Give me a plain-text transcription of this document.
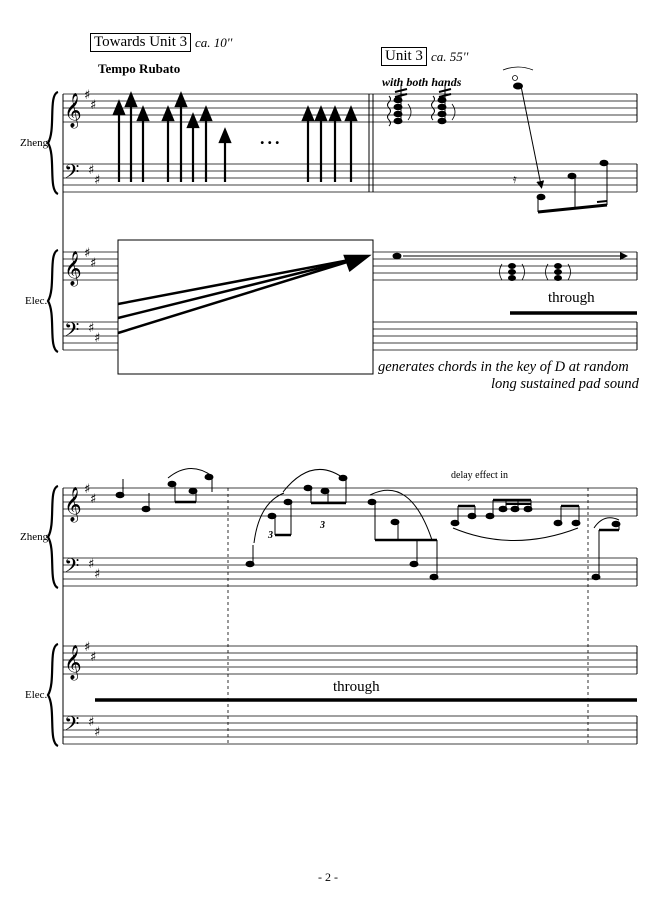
Towards Unit 3 ca. 10''
Unit 3 ca. 55''
Tempo Rubato
with both hands
Zheng
Elec.
...
through
generates chords in the key of D at random
long sustained pad sound
Zheng
Elec.
delay effect in
through
3
3
- 2 -
𝄞
𝄢
𝄞
𝄢
♯
♯
♯
♯
♯
♯
♯
♯
𝄿
𝄞
𝄢
𝄞
𝄢
♯
♯
♯
♯
♯
♯
♯
♯
